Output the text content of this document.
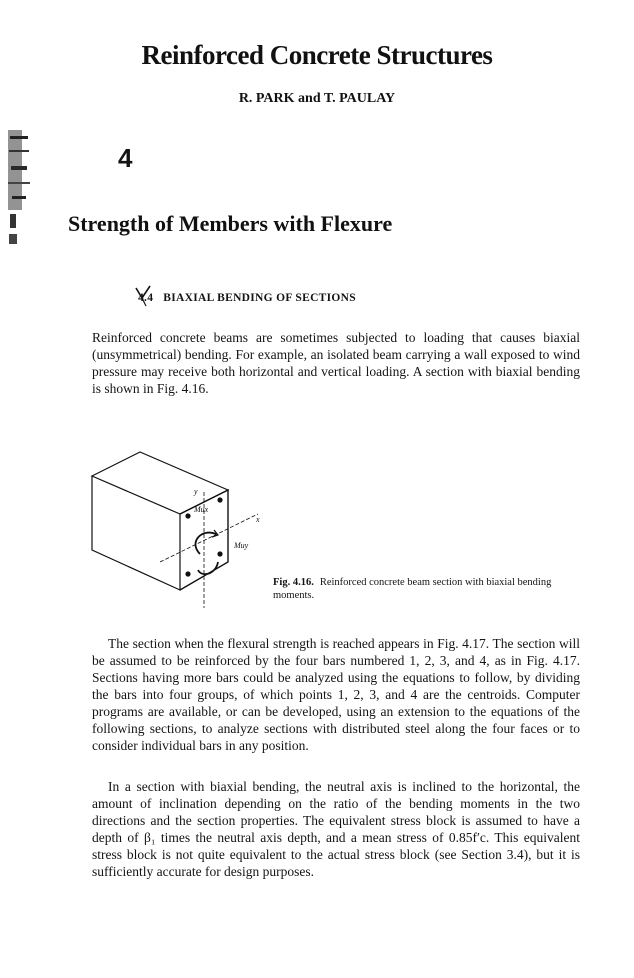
Reinforced Concrete Structures
R. PARK and T. PAULAY
4
Strength of Members with Flexure
4.4 BIAXIAL BENDING OF SECTIONS

Reinforced concrete beams are sometimes subjected to loading that causes biaxial (unsymmetrical) bending. For example, an isolated beam carrying a wall exposed to wind pressure may receive both horizontal and vertical loading. A section with biaxial bending is shown in Fig. 4.16.

y
x
Mux
Muy
Fig. 4.16. Reinforced concrete beam section with biaxial bending moments.

The section when the flexural strength is reached appears in Fig. 4.17. The section will be assumed to be reinforced by the four bars numbered 1, 2, 3, and 4, as in Fig. 4.17. Sections having more bars could be analyzed using the equations to follow, by dividing the bars into four groups, of which points 1, 2, 3, and 4 are the centroids. Computer programs are available, or can be developed, using an extension to the equations of the following sections, to analyze sections with distributed steel along the four faces or to consider individual bars in any position.

In a section with biaxial bending, the neutral axis is inclined to the horizontal, the amount of inclination depending on the ratio of the bending moments in the two directions and the section properties. The equivalent stress block is assumed to have a depth of β₁ times the neutral axis depth, and a mean stress of 0.85f′c. This equivalent stress block is not quite equivalent to the actual stress block (see Section 3.4), but it is sufficiently accurate for design purposes.
